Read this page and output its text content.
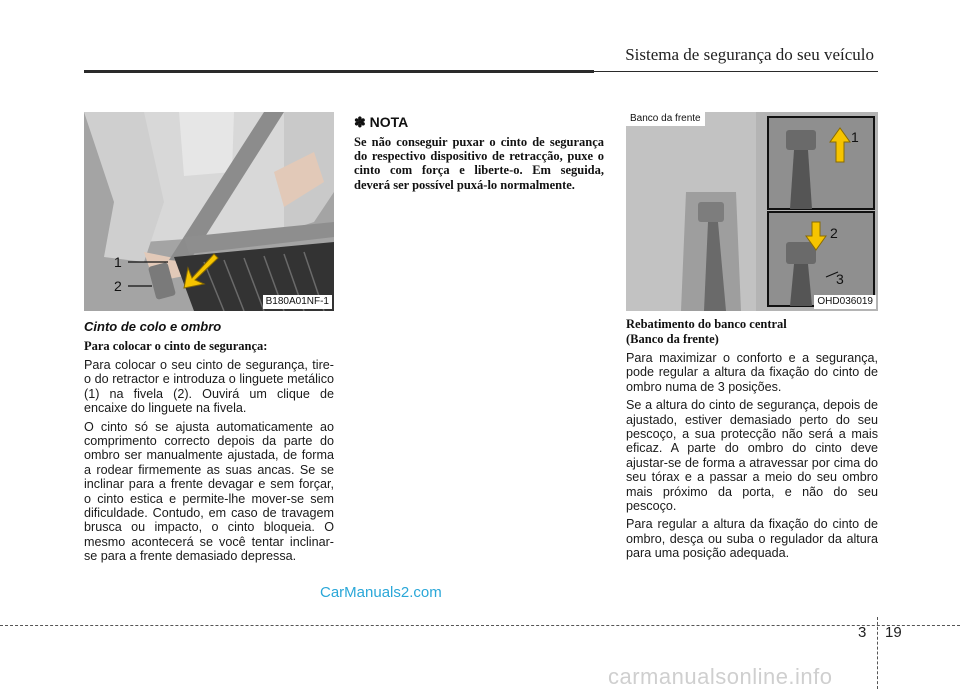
Sistema de segurança do seu veículo
1
2
B180A01NF-1
Cinto de colo e ombro
Para colocar o cinto de segurança:

Para colocar o seu cinto de segurança, tire-o do retractor e introduza o linguete metálico (1) na fivela (2). Ouvirá um clique de encaixe do linguete na fivela.

O cinto só se ajusta automaticamente ao comprimento correcto depois da parte do ombro ser manualmente ajustada, de forma a rodear firmemente as suas ancas. Se se inclinar para a frente devagar e sem forçar, o cinto estica e permite-lhe mover-se sem dificuldade. Contudo, em caso de travagem brusca ou impacto, o cinto bloqueia. O mesmo acontecerá se você tentar inclinar-se para a frente demasiado depressa.

✽ NOTA
Se não conseguir puxar o cinto de segurança do respectivo dispositivo de retracção, puxe o cinto com força e liberte-o. Em seguida, deverá ser possível puxá-lo normalmente.
1
2
3
Banco da frente
OHD036019
Rebatimento do banco central
(Banco da frente)

Para maximizar o conforto e a segurança, pode regular a altura da fixação do cinto de ombro numa de 3 posições.

Se a altura do cinto de segurança, depois de ajustado, estiver demasiado perto do seu pescoço, a sua protecção não será a mais eficaz. A parte do ombro do cinto deve ajustar-se de forma a atravessar por cima do seu tórax e a passar a meio do seu ombro mais próximo da porta, e não do seu pescoço.

Para regular a altura da fixação do cinto de ombro, desça ou suba o regulador da altura para uma posição adequada.

CarManuals2.com
3 19
carmanualsonline.info
